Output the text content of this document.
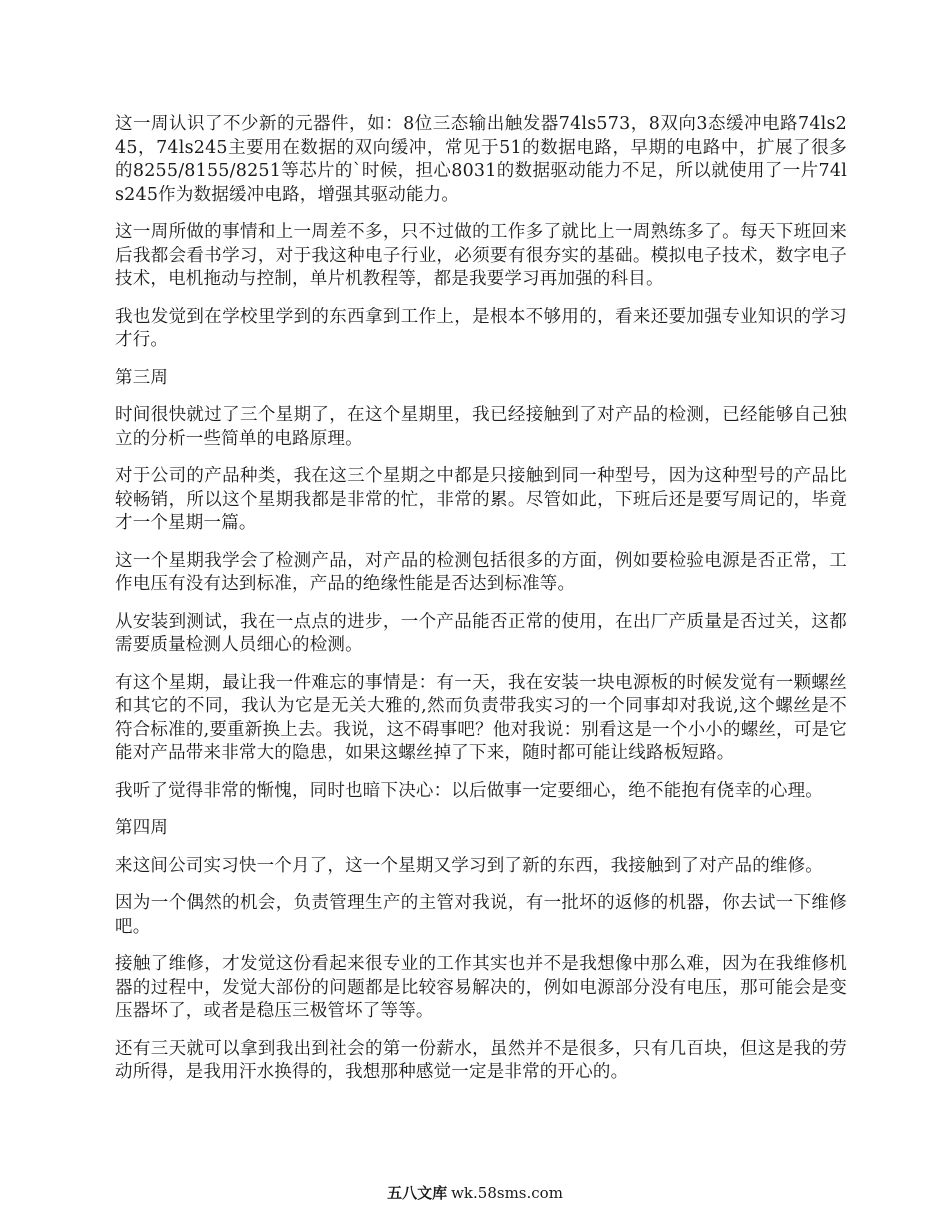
这一周认识了不少新的元器件，如：8位三态输出触发器74ls573，8双向3态缓冲电路74ls245，74ls245主要用在数据的双向缓冲，常见于51的数据电路，早期的电路中，扩展了很多的8255/8155/8251等芯片的`时候，担心8031的数据驱动能力不足，所以就使用了一片74ls245作为数据缓冲电路，增强其驱动能力。

这一周所做的事情和上一周差不多，只不过做的工作多了就比上一周熟练多了。每天下班回来后我都会看书学习，对于我这种电子行业，必须要有很夯实的基础。模拟电子技术，数字电子技术，电机拖动与控制，单片机教程等，都是我要学习再加强的科目。

我也发觉到在学校里学到的东西拿到工作上，是根本不够用的，看来还要加强专业知识的学习才行。

第三周

时间很快就过了三个星期了，在这个星期里，我已经接触到了对产品的检测，已经能够自己独立的分析一些简单的电路原理。

对于公司的产品种类，我在这三个星期之中都是只接触到同一种型号，因为这种型号的产品比较畅销，所以这个星期我都是非常的忙，非常的累。尽管如此，下班后还是要写周记的，毕竟才一个星期一篇。

这一个星期我学会了检测产品，对产品的检测包括很多的方面，例如要检验电源是否正常，工作电压有没有达到标准，产品的绝缘性能是否达到标准等。

从安装到测试，我在一点点的进步，一个产品能否正常的使用，在出厂产质量是否过关，这都需要质量检测人员细心的检测。

有这个星期，最让我一件难忘的事情是：有一天，我在安装一块电源板的时候发觉有一颗螺丝和其它的不同，我认为它是无关大雅的,然而负责带我实习的一个同事却对我说,这个螺丝是不符合标准的,要重新换上去。我说，这不碍事吧？他对我说：别看这是一个小小的螺丝，可是它能对产品带来非常大的隐患，如果这螺丝掉了下来，随时都可能让线路板短路。

我听了觉得非常的惭愧，同时也暗下决心：以后做事一定要细心，绝不能抱有侥幸的心理。

第四周

来这间公司实习快一个月了，这一个星期又学习到了新的东西，我接触到了对产品的维修。

因为一个偶然的机会，负责管理生产的主管对我说，有一批坏的返修的机器，你去试一下维修吧。

接触了维修，才发觉这份看起来很专业的工作其实也并不是我想像中那么难，因为在我维修机器的过程中，发觉大部份的问题都是比较容易解决的，例如电源部分没有电压，那可能会是变压器坏了，或者是稳压三极管坏了等等。

还有三天就可以拿到我出到社会的第一份薪水，虽然并不是很多，只有几百块，但这是我的劳动所得，是我用汗水换得的，我想那种感觉一定是非常的开心的。

五八文库 wk.58sms.com
